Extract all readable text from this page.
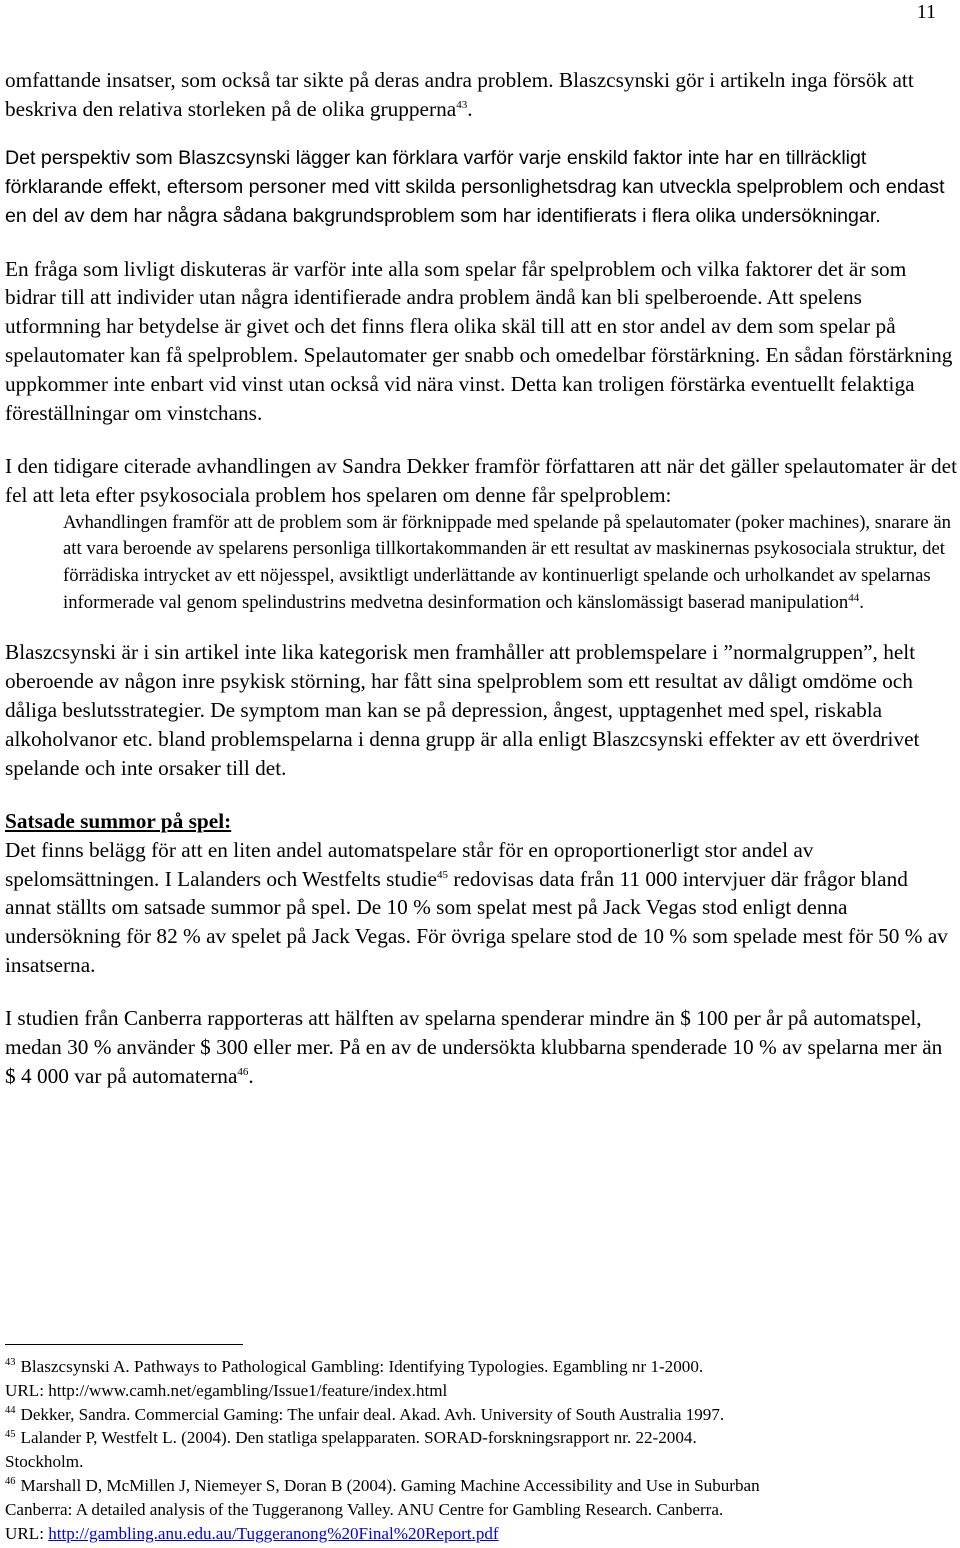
11

omfattande insatser, som också tar sikte på deras andra problem. Blaszcsynski gör i artikeln inga försök att beskriva den relativa storleken på de olika grupperna$^{43}$.

Det perspektiv som Blaszcsynski lägger kan förklara varför varje enskild faktor inte har en tillräckligt förklarande effekt, eftersom personer med vitt skilda personlighetsdrag kan utveckla spelproblem och endast en del av dem har några sådana bakgrundsproblem som har identifierats i flera olika undersökningar.

En fråga som livligt diskuteras är varför inte alla som spelar får spelproblem och vilka faktorer det är som bidrar till att individer utan några identifierade andra problem ändå kan bli spelberoende. Att spelens utformning har betydelse är givet och det finns flera olika skäl till att en stor andel av dem som spelar på spelautomater kan få spelproblem. Spelautomater ger snabb och omedelbar förstärkning. En sådan förstärkning uppkommer inte enbart vid vinst utan också vid nära vinst. Detta kan troligen förstärka eventuellt felaktiga föreställningar om vinstchans.

I den tidigare citerade avhandlingen av Sandra Dekker framför författaren att när det gäller spelautomater är det fel att leta efter psykosociala problem hos spelaren om denne får spelproblem:

Avhandlingen framför att de problem som är förknippade med spelande på spelautomater (poker machines), snarare än att vara beroende av spelarens personliga tillkortakommanden är ett resultat av maskinernas psykosociala struktur, det förrädiska intrycket av ett nöjesspel, avsiktligt underlättande av kontinuerligt spelande och urholkandet av spelarnas informerade val genom spelindustrins medvetna desinformation och känslomässigt baserad manipulation$^{44}$.

Blaszcsynski är i sin artikel inte lika kategorisk men framhåller att problemspelare i ”normalgruppen”, helt oberoende av någon inre psykisk störning, har fått sina spelproblem som ett resultat av dåligt omdöme och dåliga beslutsstrategier. De symptom man kan se på depression, ångest, upptagenhet med spel, riskabla alkoholvanor etc. bland problemspelarna i denna grupp är alla enligt Blaszcsynski effekter av ett överdrivet spelande och inte orsaker till det.

Satsade summor på spel:

Det finns belägg för att en liten andel automatspelare står för en oproportionerligt stor andel av spelomsättningen. I Lalanders och Westfelts studie$^{45}$ redovisas data från 11 000 intervjuer där frågor bland annat ställts om satsade summor på spel. De 10 % som spelat mest på Jack Vegas stod enligt denna undersökning för 82 % av spelet på Jack Vegas. För övriga spelare stod de 10 % som spelade mest för 50 % av insatserna.

I studien från Canberra rapporteras att hälften av spelarna spenderar mindre än $ 100 per år på automatspel, medan 30 % använder $ 300 eller mer. På en av de undersökta klubbarna spenderade 10 % av spelarna mer än $ 4 000 var på automaterna$^{46}$.

$^{43}$ Blaszcsynski A. Pathways to Pathological Gambling: Identifying Typologies. Egambling nr 1-2000.

URL: http://www.camh.net/egambling/Issue1/feature/index.html

$^{44}$ Dekker, Sandra. Commercial Gaming: The unfair deal. Akad. Avh. University of South Australia 1997.

$^{45}$ Lalander P, Westfelt L. (2004). Den statliga spelapparaten. SORAD-forskningsrapport nr. 22-2004.

Stockholm.

$^{46}$ Marshall D, McMillen J, Niemeyer S, Doran B (2004). Gaming Machine Accessibility and Use in Suburban

Canberra: A detailed analysis of the Tuggeranong Valley. ANU Centre for Gambling Research. Canberra.

URL: http://gambling.anu.edu.au/Tuggeranong%20Final%20Report.pdf
